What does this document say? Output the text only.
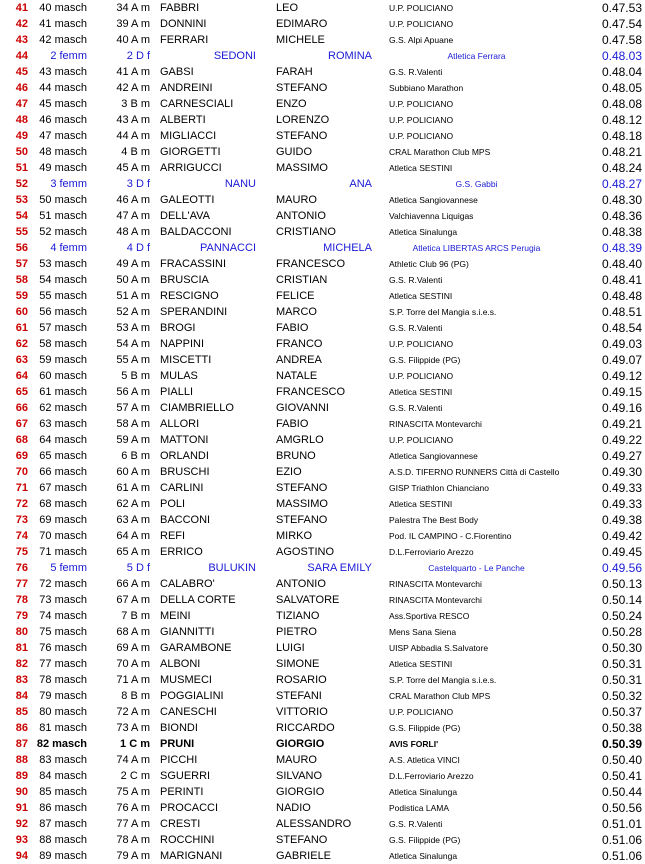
41	40 masch	34 A m	FABBRI	LEO	U.P. POLICIANO	0.47.53
42	41 masch	39 A m	DONNINI	EDIMARO	U.P. POLICIANO	0.47.54
43	42 masch	40 A m	FERRARI	MICHELE	G.S. Alpi Apuane	0.47.58
44	2 femm	2 D f	SEDONI	ROMINA	Atletica Ferrara	0.48.03
45	43 masch	41 A m	GABSI	FARAH	G.S. R.Valenti	0.48.04
46	44 masch	42 A m	ANDREINI	STEFANO	Subbiano Marathon	0.48.05
47	45 masch	3 B m	CARNESCIALI	ENZO	U.P. POLICIANO	0.48.08
48	46 masch	43 A m	ALBERTI	LORENZO	U.P. POLICIANO	0.48.12
49	47 masch	44 A m	MIGLIACCI	STEFANO	U.P. POLICIANO	0.48.18
50	48 masch	4 B m	GIORGETTI	GUIDO	CRAL Marathon Club MPS	0.48.21
51	49 masch	45 A m	ARRIGUCCI	MASSIMO	Atletica SESTINI	0.48.24
52	3 femm	3 D f	NANU	ANA	G.S. Gabbi	0.48.27
53	50 masch	46 A m	GALEOTTI	MAURO	Atletica Sangiovannese	0.48.30
54	51 masch	47 A m	DELL'AVA	ANTONIO	Valchiavenna Liquigas	0.48.36
55	52 masch	48 A m	BALDACCONI	CRISTIANO	Atletica Sinalunga	0.48.38
56	4 femm	4 D f	PANNACCI	MICHELA	Atletica LIBERTAS ARCS Perugia	0.48.39
57	53 masch	49 A m	FRACASSINI	FRANCESCO	Athletic Club 96 (PG)	0.48.40
58	54 masch	50 A m	BRUSCIA	CRISTIAN	G.S. R.Valenti	0.48.41
59	55 masch	51 A m	RESCIGNO	FELICE	Atletica SESTINI	0.48.48
60	56 masch	52 A m	SPERANDINI	MARCO	S.P. Torre del Mangia s.i.e.s.	0.48.51
61	57 masch	53 A m	BROGI	FABIO	G.S. R.Valenti	0.48.54
62	58 masch	54 A m	NAPPINI	FRANCO	U.P. POLICIANO	0.49.03
63	59 masch	55 A m	MISCETTI	ANDREA	G.S. Filippide (PG)	0.49.07
64	60 masch	5 B m	MULAS	NATALE	U.P. POLICIANO	0.49.12
65	61 masch	56 A m	PIALLI	FRANCESCO	Atletica SESTINI	0.49.15
66	62 masch	57 A m	CIAMBRIELLO	GIOVANNI	G.S. R.Valenti	0.49.16
67	63 masch	58 A m	ALLORI	FABIO	RINASCITA Montevarchi	0.49.21
68	64 masch	59 A m	MATTONI	AMGRLO	U.P. POLICIANO	0.49.22
69	65 masch	6 B m	ORLANDI	BRUNO	Atletica Sangiovannese	0.49.27
70	66 masch	60 A m	BRUSCHI	EZIO	A.S.D. TIFERNO RUNNERS Città di Castello	0.49.30
71	67 masch	61 A m	CARLINI	STEFANO	GISP Triathlon Chianciano	0.49.33
72	68 masch	62 A m	POLI	MASSIMO	Atletica SESTINI	0.49.33
73	69 masch	63 A m	BACCONI	STEFANO	Palestra The Best Body	0.49.38
74	70 masch	64 A m	REFI	MIRKO	Pod. IL CAMPINO - C.Fiorentino	0.49.42
75	71 masch	65 A m	ERRICO	AGOSTINO	D.L.Ferroviario Arezzo	0.49.45
76	5 femm	5 D f	BULUKIN	SARA EMILY	Castelquarto - Le Panche	0.49.56
77	72 masch	66 A m	CALABRO'	ANTONIO	RINASCITA Montevarchi	0.50.13
78	73 masch	67 A m	DELLA CORTE	SALVATORE	RINASCITA Montevarchi	0.50.14
79	74 masch	7 B m	MEINI	TIZIANO	Ass.Sportiva RESCO	0.50.24
80	75 masch	68 A m	GIANNITTI	PIETRO	Mens Sana Siena	0.50.28
81	76 masch	69 A m	GARAMBONE	LUIGI	UISP Abbadia S.Salvatore	0.50.30
82	77 masch	70 A m	ALBONI	SIMONE	Atletica SESTINI	0.50.31
83	78 masch	71 A m	MUSMECI	ROSARIO	S.P. Torre del Mangia s.i.e.s.	0.50.31
84	79 masch	8 B m	POGGIALINI	STEFANI	CRAL Marathon Club MPS	0.50.32
85	80 masch	72 A m	CANESCHI	VITTORIO	U.P. POLICIANO	0.50.37
86	81 masch	73 A m	BIONDI	RICCARDO	G.S. Filippide (PG)	0.50.38
87	82 masch	1 C m	PRUNI	GIORGIO	AVIS FORLI'	0.50.39
88	83 masch	74 A m	PICCHI	MAURO	A.S. Atletica VINCI	0.50.40
89	84 masch	2 C m	SGUERRI	SILVANO	D.L.Ferroviario Arezzo	0.50.41
90	85 masch	75 A m	PERINTI	GIORGIO	Atletica Sinalunga	0.50.44
91	86 masch	76 A m	PROCACCI	NADIO	Podistica LAMA	0.50.56
92	87 masch	77 A m	CRESTI	ALESSANDRO	G.S. R.Valenti	0.51.01
93	88 masch	78 A m	ROCCHINI	STEFANO	G.S. Filippide (PG)	0.51.06
94	89 masch	79 A m	MARIGNANI	GABRIELE	Atletica Sinalunga	0.51.06
